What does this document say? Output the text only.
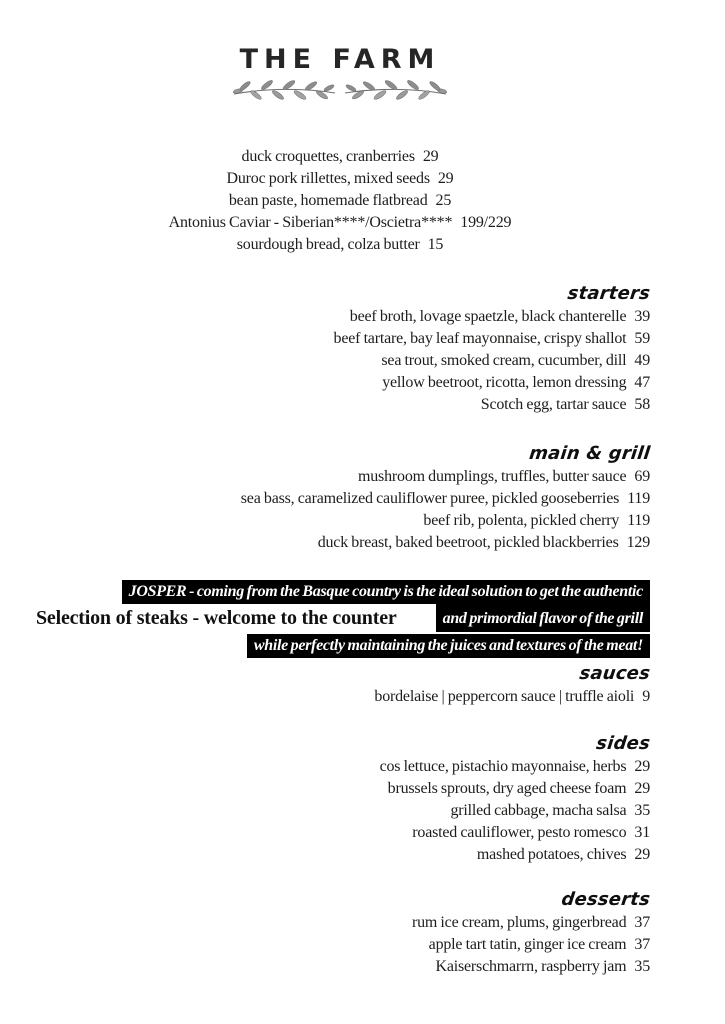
THE FARM
duck croquettes, cranberries 29
Duroc pork rillettes, mixed seeds 29
bean paste, homemade flatbread 25
Antonius Caviar - Siberian****/Oscietra**** 199/229
sourdough bread, colza butter 15
starters
beef broth, lovage spaetzle, black chanterelle 39
beef tartare, bay leaf mayonnaise, crispy shallot 59
sea trout, smoked cream, cucumber, dill 49
yellow beetroot, ricotta, lemon dressing 47
Scotch egg, tartar sauce 58
main & grill
mushroom dumplings, truffles, butter sauce 69
sea bass, caramelized cauliflower puree, pickled gooseberries 119
beef rib, polenta, pickled cherry 119
duck breast, baked beetroot, pickled blackberries 129
JOSPER - coming from the Basque country is the ideal solution to get the authentic
Selection of steaks - welcome to the counter	and primordial flavor of the grill
while perfectly maintaining the juices and textures of the meat!
sauces
bordelaise | peppercorn sauce | truffle aioli 9
sides
cos lettuce, pistachio mayonnaise, herbs 29
brussels sprouts, dry aged cheese foam 29
grilled cabbage, macha salsa 35
roasted cauliflower, pesto romesco 31
mashed potatoes, chives 29
desserts
rum ice cream, plums, gingerbread 37
apple tart tatin, ginger ice cream 37
Kaiserschmarrn, raspberry jam 35
